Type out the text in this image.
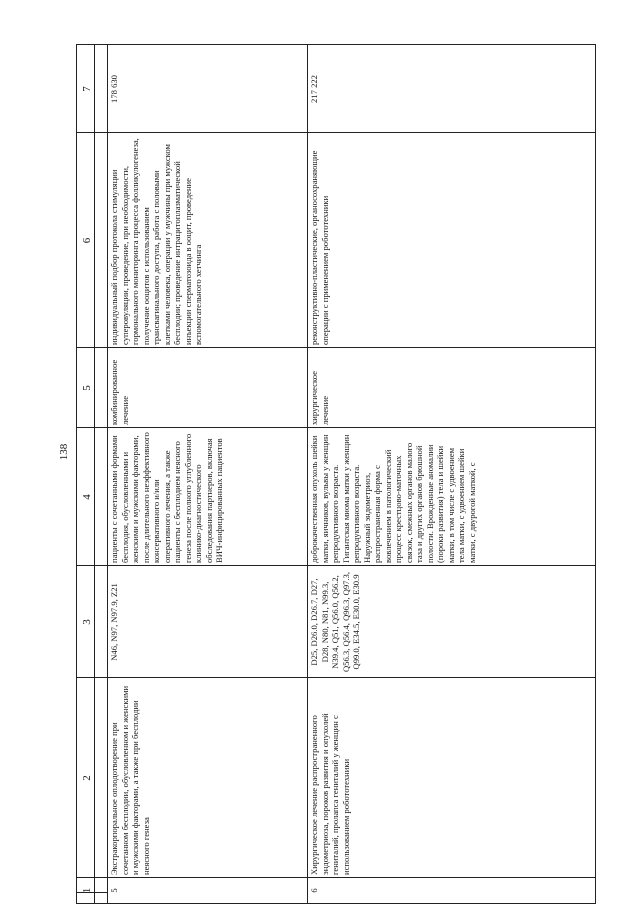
138
1
2
3
4
5
6
7
5
Экстракорпоральное оплодотворение при сочетанном бесплодии, обусловленном и женскими и мужскими факторами, а также при бесплодии неясного генеза
N46, N97, N97.9, Z21
пациенты с сочетанными формами бесплодия, обусловленными и женскими и мужскими факторами, после длительного неэффективного консервативного и/или оперативного лечения, а также пациенты с бесплодием неясного генеза после полного углубленного клинико-диагностического обследования партнеров, включая ВИЧ-инфицированных пациентов
комбинированное лечение
индивидуальный подбор протокола стимуляции суперовуляции, проведение, при необходимости, гормонального мониторинга процесса фолликулогенеза, получение ооцитов с использованием трансвагинального доступа, работа с половыми клетками человека, операции у мужчины при мужском бесплодии; проведение интрацитоплазматической инъекции сперматозоида в ооцит, проведение вспомогательного хетчинга
6
Хирургическое лечение распространенного эндометриоза, пороков развития и опухолей гениталий, пролапса гениталий у женщин с использованием робототехники
D25, D26.0, D26.7, D27, D28, N80, N81, N99.3, N39.4, Q51, Q56.0, Q56.2, Q56.3, Q56.4, Q96.3, Q97.3, Q99.0, E34.5, E30.0, E30.9
доброкачественная опухоль шейки матки, яичников, вульвы у женщин репродуктивного возраста. Гигантская миома матки у женщин репродуктивного возраста. Наружный эндометриоз, распространенная форма с вовлечением в патологический процесс крестцово-маточных связок, смежных органов малого таза и других органов брюшной полости. Врожденные аномалии (пороки развития) тела и шейки матки, в том числе с удвоением тела матки, с удвоением шейки матки, с двурогой маткой, с
хирургическое лечение
реконструктивно-пластические, органосохраняющие операции с применением робототехники
178 630	217 222
